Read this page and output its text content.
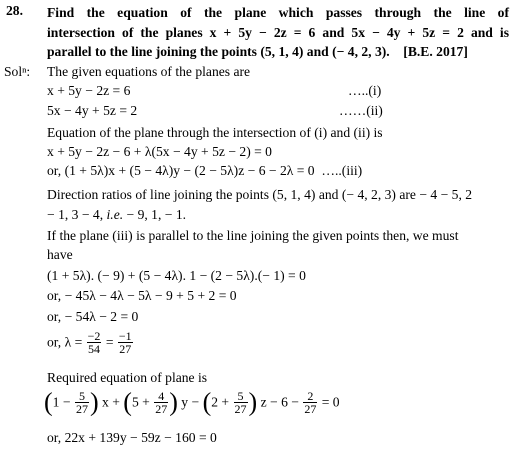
28. Find the equation of the plane which passes through the line of
intersection of the planes x + 5y − 2z = 6 and 5x − 4y + 5z = 2 and is
parallel to the line joining the points (5, 1, 4) and (− 4, 2, 3). [B.E. 2017]
Solⁿ: The given equations of the planes are
x + 5y − 2z = 6	…..(i)
5x − 4y + 5z = 2	……(ii)
Equation of the plane through the intersection of (i) and (ii) is
x + 5y − 2z − 6 + λ(5x − 4y + 5z − 2) = 0
or, (1 + 5λ)x + (5 − 4λ)y − (2 − 5λ)z − 6 − 2λ = 0 …..(iii)
Direction ratios of line joining the points (5, 1, 4) and (− 4, 2, 3) are − 4 − 5, 2
− 1, 3 − 4, i.e. − 9, 1, − 1.
If the plane (iii) is parallel to the line joining the given points then, we must
have
(1 + 5λ). (− 9) + (5 − 4λ). 1 − (2 − 5λ).(− 1) = 0
or, − 45λ − 4λ − 5λ − 9 + 5 + 2 = 0
or, − 54λ − 2 = 0
or, $\lambda = \frac{-2}{54} = \frac{-1}{27}$
Required equation of plane is
($1 - \frac{5}{27}$ ) $x + (5 + \frac{4}{27}$ ) $y - (2 + \frac{5}{27}$ ) $z - 6 - \frac{2}{27} = 0$
or, 22x + 139y − 59z − 160 = 0
